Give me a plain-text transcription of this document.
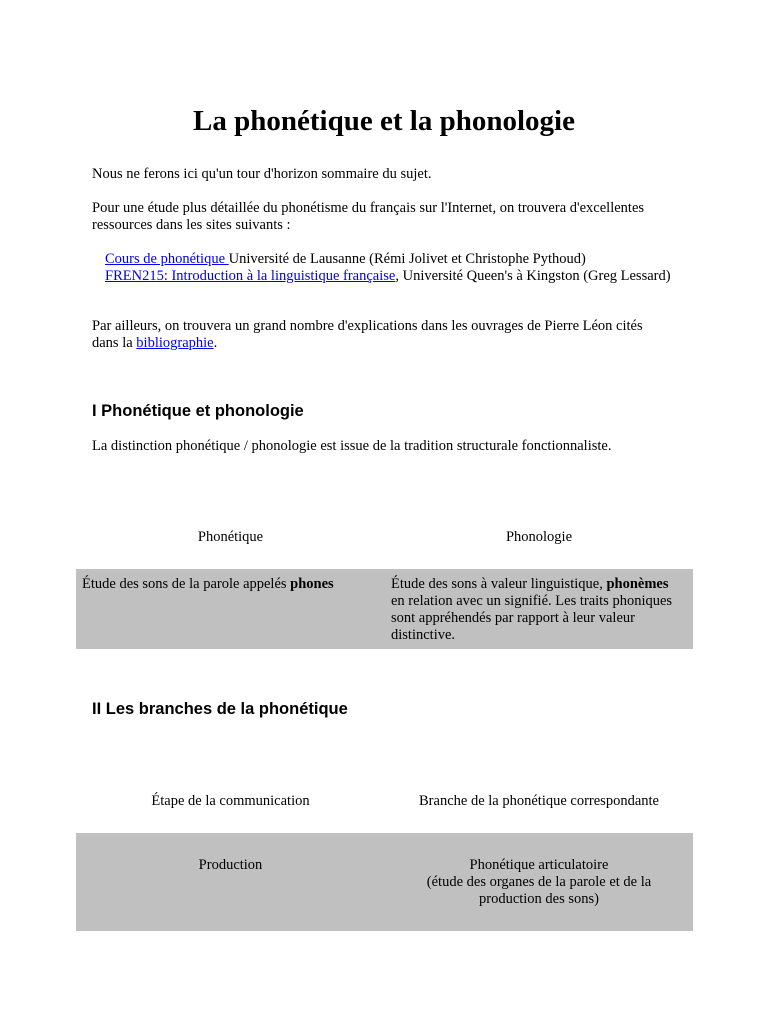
La phonétique et la phonologie

Nous ne ferons ici qu'un tour d'horizon sommaire du sujet.

Pour une étude plus détaillée du phonétisme du français sur l'Internet, on trouvera d'excellentes ressources dans les sites suivants :

Cours de phonétique Université de Lausanne (Rémi Jolivet et Christophe Pythoud)

FREN215: Introduction à la linguistique française, Université Queen's à Kingston (Greg Lessard)

Par ailleurs, on trouvera un grand nombre d'explications dans les ouvrages de Pierre Léon cités dans la bibliographie.

I Phonétique et phonologie

La distinction phonétique / phonologie est issue de la tradition structurale fonctionnaliste.

Phonétique	Phonologie
Étude des sons de la parole appelés phones	Étude des sons à valeur linguistique, phonèmes en relation avec un signifié. Les traits phoniques sont appréhendés par rapport à leur valeur distinctive.
II Les branches de la phonétique
Étape de la communication	Branche de la phonétique correspondante
Production	Phonétique articulatoire
(étude des organes de la parole et de la production des sons)
